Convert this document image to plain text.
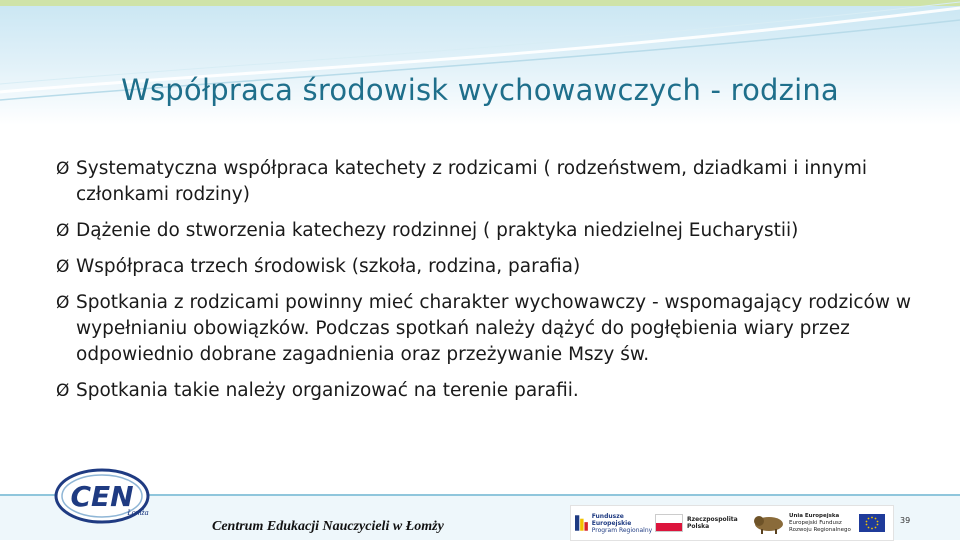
Współpraca środowisk wychowawczych - rodzina
Ø Systematyczna współpraca katechety z rodzicami ( rodzeństwem, dziadkami i innymi członkami rodziny)
Ø Dążenie do stworzenia katechezy rodzinnej ( praktyka niedzielnej Eucharystii)
Ø Współpraca trzech środowisk (szkoła, rodzina, parafia)
Ø Spotkania z rodzicami powinny mieć charakter wychowawczy - wspomagający rodziców w wypełnianiu obowiązków. Podczas spotkań należy dążyć do pogłębienia wiary przez odpowiednio dobrane zagadnienia oraz przeżywanie Mszy św.
Ø Spotkania takie należy organizować na terenie parafii.
CEN
Łomża
Centrum Edukacji Nauczycieli w Łomży
Fundusze Europejskie
Program Regionalny
Rzeczpospolita Polska
Unia Europejska
Europejski Fundusz Rozwoju Regionalnego
39
